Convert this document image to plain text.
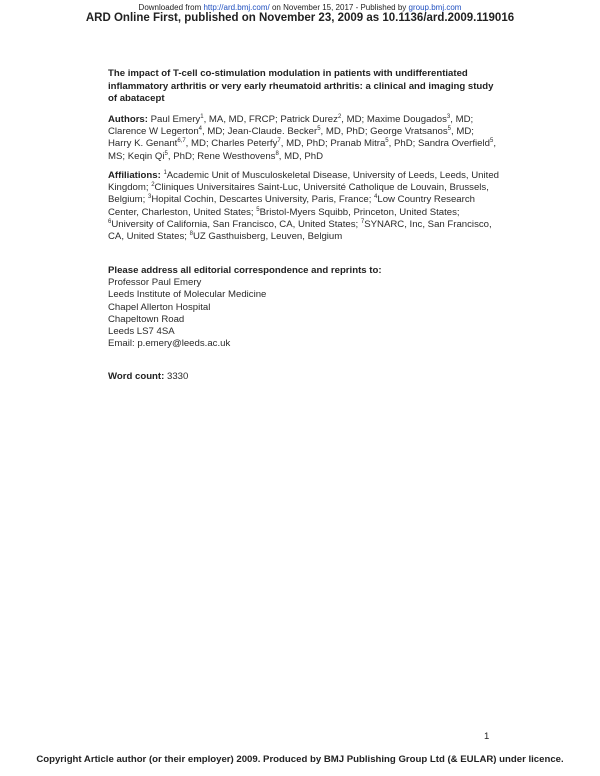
Downloaded from http://ard.bmj.com/ on November 15, 2017 - Published by group.bmj.com
ARD Online First, published on November 23, 2009 as 10.1136/ard.2009.119016
The impact of T-cell co-stimulation modulation in patients with undifferentiated inflammatory arthritis or very early rheumatoid arthritis: a clinical and imaging study of abatacept
Authors: Paul Emery$^1$, MA, MD, FRCP; Patrick Durez$^2$, MD; Maxime Dougados$^3$, MD; Clarence W Legerton$^4$, MD; Jean-Claude. Becker$^5$, MD, PhD; George Vratsanos$^5$, MD; Harry K. Genant$^{6,7}$, MD; Charles Peterfy$^7$, MD, PhD; Pranab Mitra$^5$, PhD; Sandra Overfield$^5$, MS; Keqin Qi$^5$, PhD; Rene Westhovens$^8$, MD, PhD
Affiliations: $^1$Academic Unit of Musculoskeletal Disease, University of Leeds, Leeds, United Kingdom; $^2$Cliniques Universitaires Saint-Luc, Université Catholique de Louvain, Brussels, Belgium; $^3$Hopital Cochin, Descartes University, Paris, France; $^4$Low Country Research Center, Charleston, United States; $^5$Bristol-Myers Squibb, Princeton, United States; $^6$University of California, San Francisco, CA, United States; $^7$SYNARC, Inc, San Francisco, CA, United States; $^8$UZ Gasthuisberg, Leuven, Belgium
Please address all editorial correspondence and reprints to:
Professor Paul Emery
Leeds Institute of Molecular Medicine
Chapel Allerton Hospital
Chapeltown Road
Leeds LS7 4SA
Email: p.emery@leeds.ac.uk
Word count: 3330
1
Copyright Article author (or their employer) 2009. Produced by BMJ Publishing Group Ltd (& EULAR) under licence.
